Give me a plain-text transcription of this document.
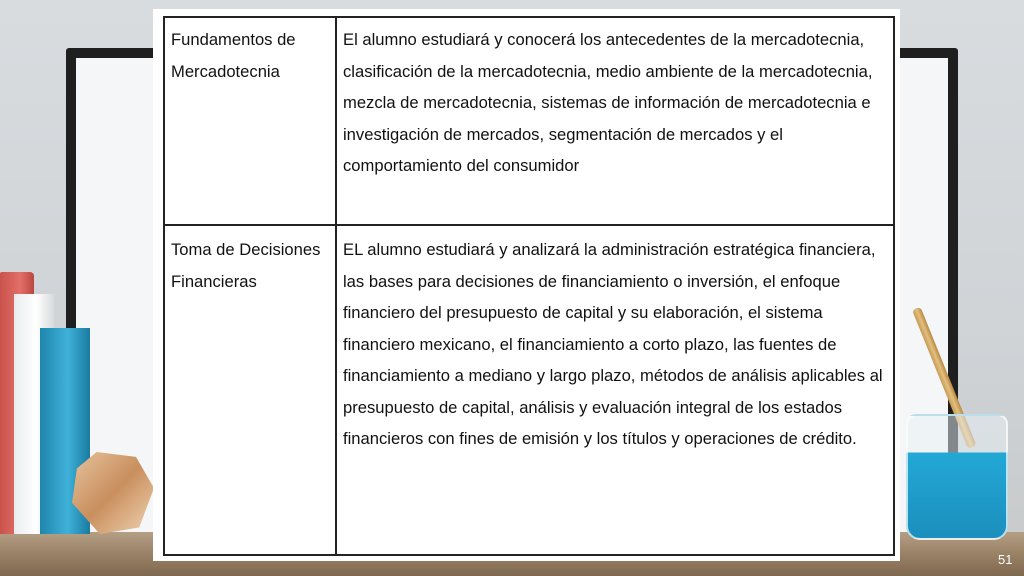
Fundamentos de Mercadotecnia	El alumno estudiará y conocerá los antecedentes de la mercadotecnia, clasificación de la mercadotecnia, medio ambiente de la mercadotecnia, mezcla de mercadotecnia, sistemas de información de mercadotecnia e investigación de mercados, segmentación de mercados y el comportamiento del consumidor
Toma de Decisiones Financieras	EL alumno estudiará y analizará la administración estratégica financiera, las bases para decisiones de financiamiento o inversión, el enfoque financiero del presupuesto de capital y su elaboración, el sistema financiero mexicano, el financiamiento a corto plazo, las fuentes de financiamiento a mediano y largo plazo, métodos de análisis aplicables al presupuesto de capital, análisis y evaluación integral de los estados financieros con fines de emisión y los títulos y operaciones de crédito.
51
